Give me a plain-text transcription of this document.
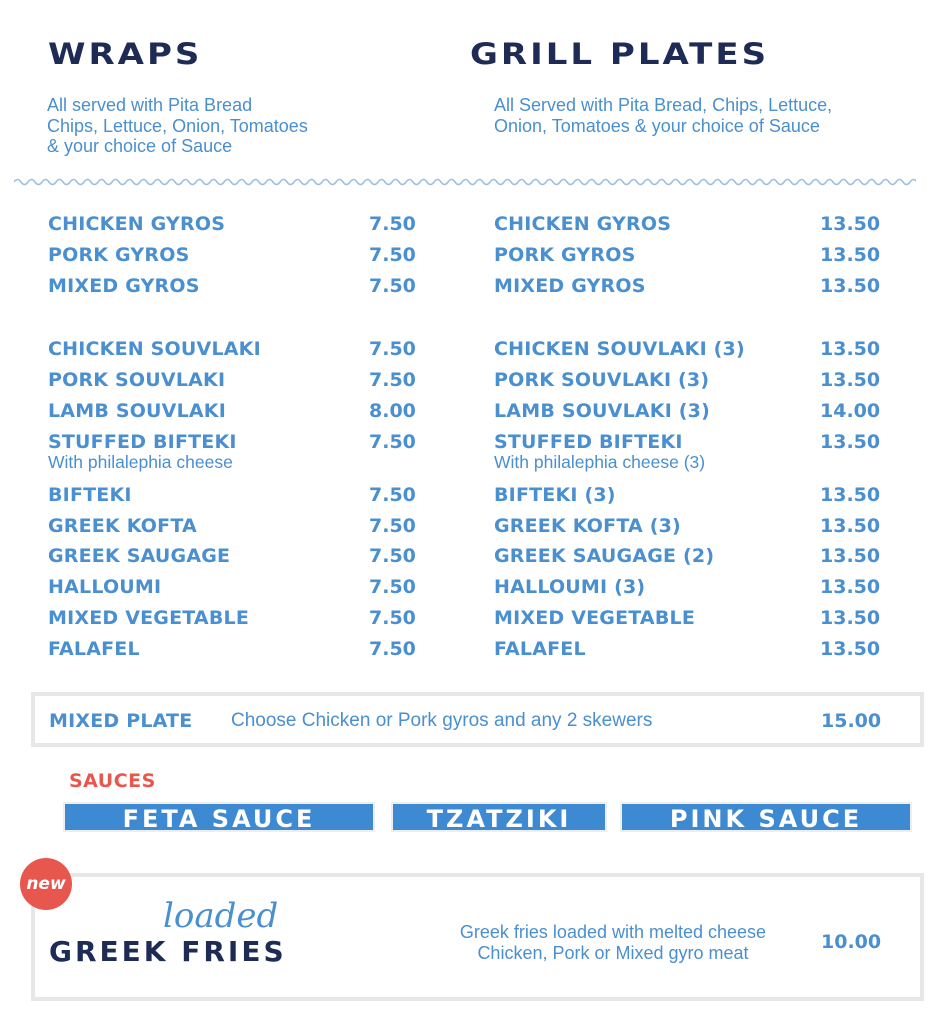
WRAPS	GRILL PLATES
All served with Pita Bread
Chips, Lettuce, Onion, Tomatoes
& your choice of Sauce
All Served with Pita Bread, Chips, Lettuce,
Onion, Tomatoes & your choice of Sauce
CHICKEN GYROS	7.50
PORK GYROS	7.50
MIXED GYROS	7.50
CHICKEN SOUVLAKI	7.50
PORK SOUVLAKI	7.50
LAMB SOUVLAKI	8.00
STUFFED BIFTEKI	7.50
With philalephia cheese
BIFTEKI	7.50
GREEK KOFTA	7.50
GREEK SAUGAGE	7.50
HALLOUMI	7.50
MIXED VEGETABLE	7.50
FALAFEL	7.50
CHICKEN GYROS	13.50
PORK GYROS	13.50
MIXED GYROS	13.50
CHICKEN SOUVLAKI (3)	13.50
PORK SOUVLAKI (3)	13.50
LAMB SOUVLAKI (3)	14.00
STUFFED BIFTEKI	13.50
With philalephia cheese (3)
BIFTEKI (3)	13.50
GREEK KOFTA (3)	13.50
GREEK SAUGAGE (2)	13.50
HALLOUMI (3)	13.50
MIXED VEGETABLE	13.50
FALAFEL	13.50
MIXED PLATE Choose Chicken or Pork gyros and any 2 skewers	15.00
SAUCES
FETA SAUCE	TZATZIKI	PINK SAUCE
loaded
GREEK FRIES
Greek fries loaded with melted cheese
Chicken, Pork or Mixed gyro meat	10.00
new
